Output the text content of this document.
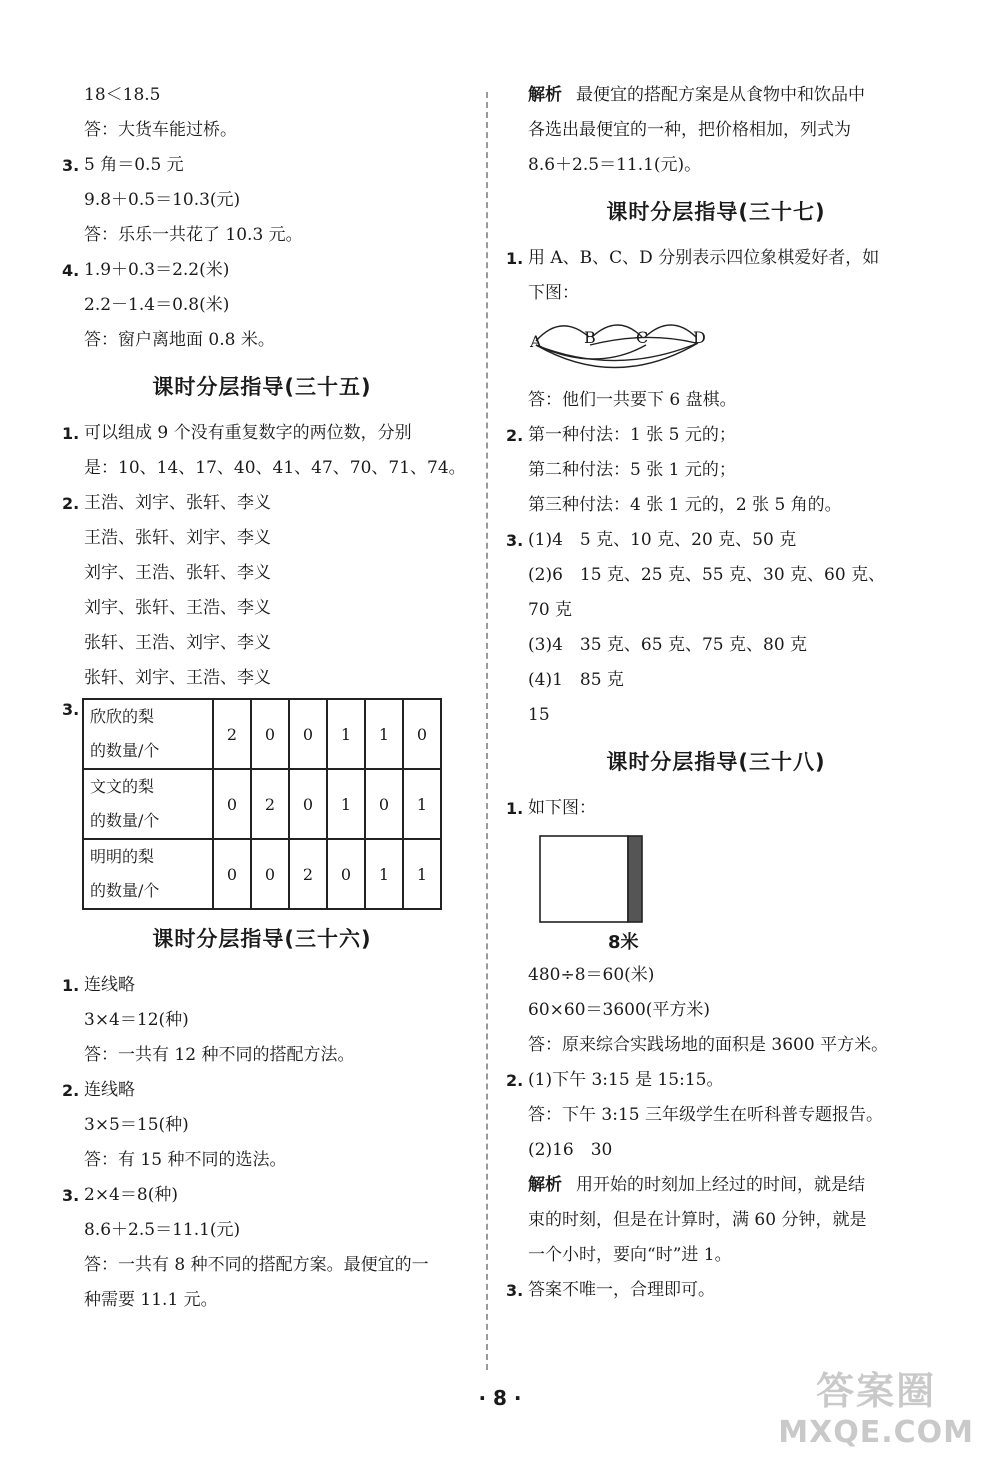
18＜18.5
答：大货车能过桥。
3. 5 角＝0.5 元
9.8＋0.5＝10.3(元)
答：乐乐一共花了 10.3 元。
4. 1.9＋0.3＝2.2(米)
2.2－1.4＝0.8(米)
答：窗户离地面 0.8 米。
课时分层指导(三十五)
1. 可以组成 9 个没有重复数字的两位数，分别
是：10、14、17、40、41、47、70、71、74。
2. 王浩、刘宇、张轩、李义
王浩、张轩、刘宇、李义
刘宇、王浩、张轩、李义
刘宇、张轩、王浩、李义
张轩、王浩、刘宇、李义
张轩、刘宇、王浩、李义
3. 欣欣的梨
的数量/个	2	0	0	1	1	0
文文的梨
的数量/个	0	2	0	1	0	1
明明的梨
的数量/个	0	0	2	0	1	1
课时分层指导(三十六)
1. 连线略
3×4＝12(种)
答：一共有 12 种不同的搭配方法。
2. 连线略
3×5＝15(种)
答：有 15 种不同的选法。
3. 2×4＝8(种)
8.6＋2.5＝11.1(元)
答：一共有 8 种不同的搭配方案。最便宜的一
种需要 11.1 元。
解析 最便宜的搭配方案是从食物中和饮品中
各选出最便宜的一种，把价格相加，列式为
8.6＋2.5＝11.1(元)。
课时分层指导(三十七)
1. 用 A、B、C、D 分别表示四位象棋爱好者，如
下图：
A	B	C	D
答：他们一共要下 6 盘棋。
2. 第一种付法：1 张 5 元的；
第二种付法：5 张 1 元的；
第三种付法：4 张 1 元的，2 张 5 角的。
3. (1)4　5 克、10 克、20 克、50 克
(2)6　15 克、25 克、55 克、30 克、60 克、
70 克
(3)4　35 克、65 克、75 克、80 克
(4)1　85 克
15
课时分层指导(三十八)
1. 如下图：
8米
480÷8＝60(米)
60×60＝3600(平方米)
答：原来综合实践场地的面积是 3600 平方米。
2. (1)下午 3:15 是 15:15。
答：下午 3:15 三年级学生在听科普专题报告。
(2)16　30
解析 用开始的时刻加上经过的时间，就是结
束的时刻，但是在计算时，满 60 分钟，就是
一个小时，要向“时”进 1。
3. 答案不唯一，合理即可。
· 8 ·	答案圈
MXQE.COM
